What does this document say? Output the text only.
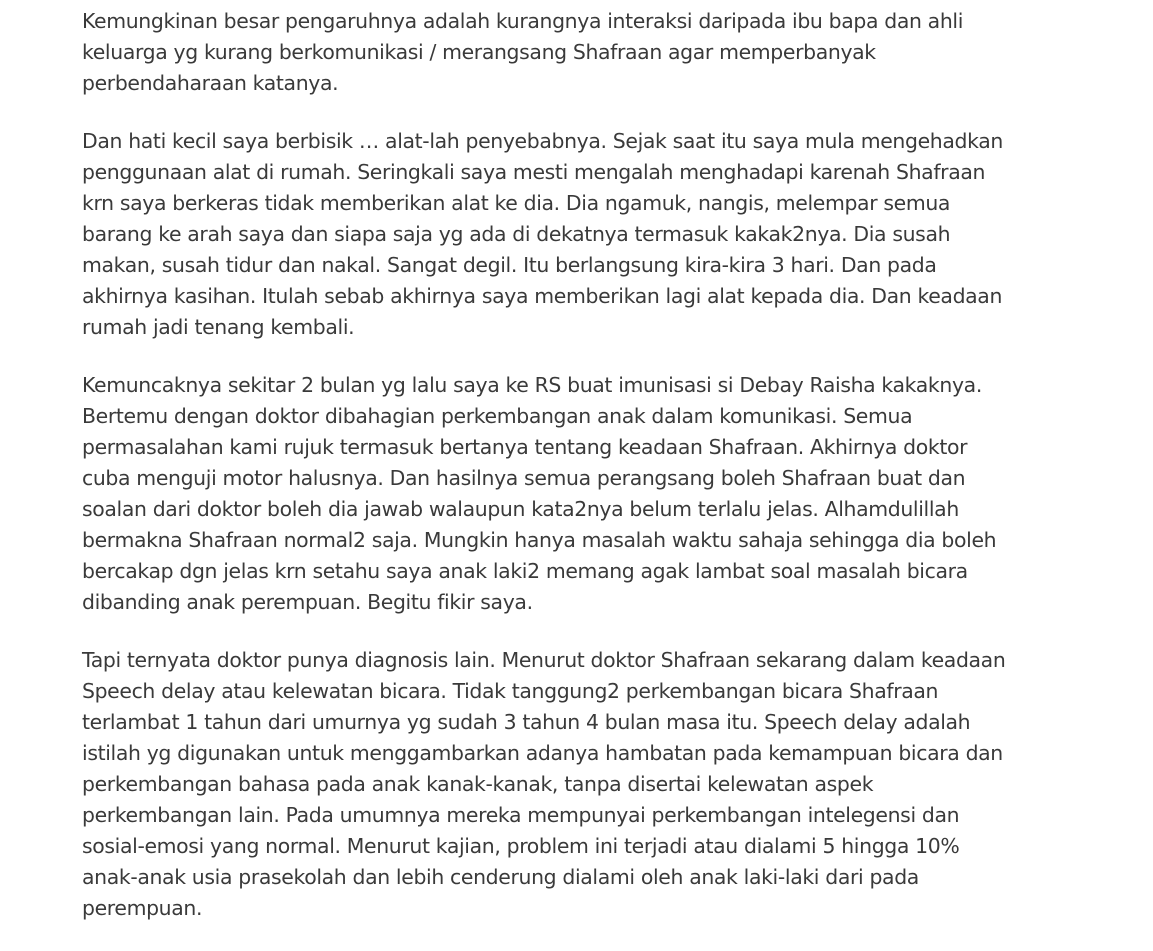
Kemungkinan besar pengaruhnya adalah kurangnya interaksi daripada ibu bapa dan ahli keluarga yg kurang berkomunikasi / merangsang Shafraan agar memperbanyak perbendaharaan katanya.

Dan hati kecil saya berbisik … alat-lah penyebabnya. Sejak saat itu saya mula mengehadkan penggunaan alat di rumah. Seringkali saya mesti mengalah menghadapi karenah Shafraan krn saya berkeras tidak memberikan alat ke dia. Dia ngamuk, nangis, melempar semua barang ke arah saya dan siapa saja yg ada di dekatnya termasuk kakak2nya. Dia susah makan, susah tidur dan nakal. Sangat degil. Itu berlangsung kira-kira 3 hari. Dan pada akhirnya kasihan. Itulah sebab akhirnya saya memberikan lagi alat kepada dia. Dan keadaan rumah jadi tenang kembali.

Kemuncaknya sekitar 2 bulan yg lalu saya ke RS buat imunisasi si Debay Raisha kakaknya. Bertemu dengan doktor dibahagian perkembangan anak dalam komunikasi. Semua permasalahan kami rujuk termasuk bertanya tentang keadaan Shafraan. Akhirnya doktor cuba menguji motor halusnya. Dan hasilnya semua perangsang boleh Shafraan buat dan soalan dari doktor boleh dia jawab walaupun kata2nya belum terlalu jelas. Alhamdulillah bermakna Shafraan normal2 saja. Mungkin hanya masalah waktu sahaja sehingga dia boleh bercakap dgn jelas krn setahu saya anak laki2 memang agak lambat soal masalah bicara dibanding anak perempuan. Begitu fikir saya.

Tapi ternyata doktor punya diagnosis lain. Menurut doktor Shafraan sekarang dalam keadaan Speech delay atau kelewatan bicara. Tidak tanggung2 perkembangan bicara Shafraan terlambat 1 tahun dari umurnya yg sudah 3 tahun 4 bulan masa itu. Speech delay adalah istilah yg digunakan untuk menggambarkan adanya hambatan pada kemampuan bicara dan perkembangan bahasa pada anak kanak-kanak, tanpa disertai kelewatan aspek perkembangan lain. Pada umumnya mereka mempunyai perkembangan intelegensi dan sosial-emosi yang normal. Menurut kajian, problem ini terjadi atau dialami 5 hingga 10% anak-anak usia prasekolah dan lebih cenderung dialami oleh anak laki-laki dari pada perempuan.
